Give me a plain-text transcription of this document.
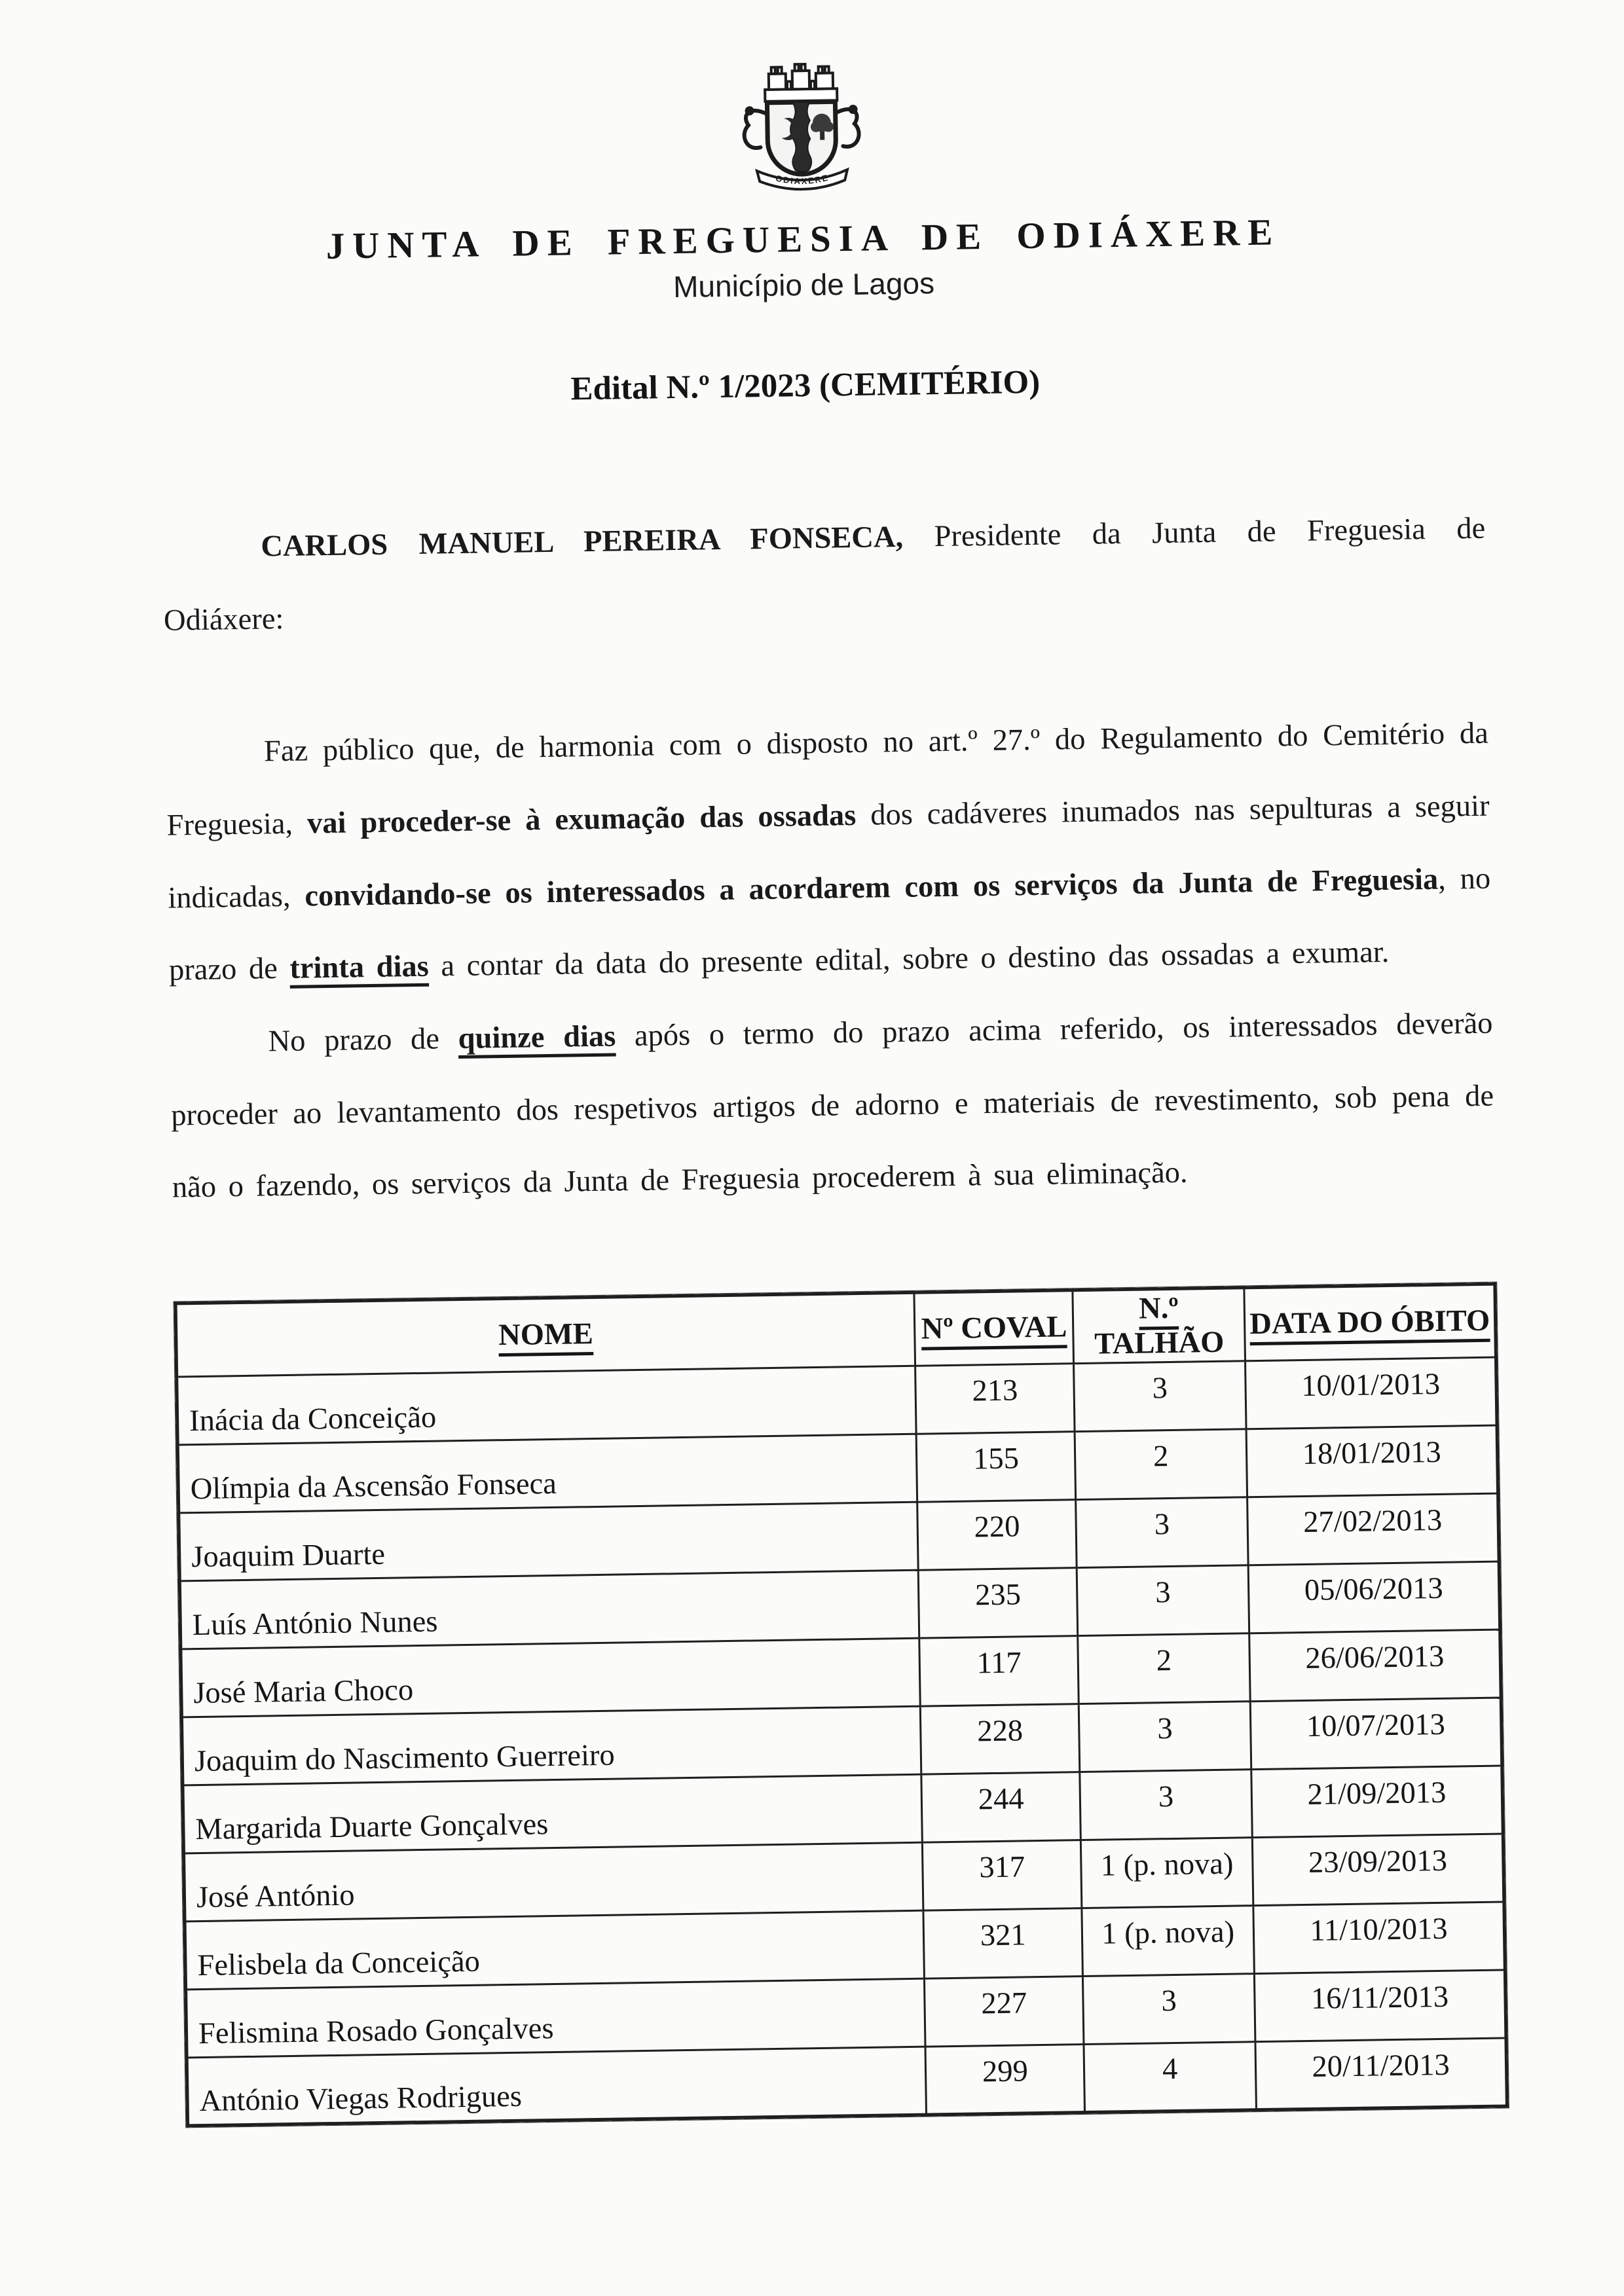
ODIAXERE
JUNTA DE FREGUESIA DE ODIÁXERE
Município de Lagos
Edital N.º 1/2023 (CEMITÉRIO)

CARLOS MANUEL PEREIRA FONSECA, Presidente da Junta de Freguesia de Odiáxere:

Faz público que, de harmonia com o disposto no art.º 27.º do Regulamento do Cemitério da Freguesia, vai proceder-se à exumação das ossadas dos cadáveres inumados nas sepulturas a seguir indicadas, convidando-se os interessados a acordarem com os serviços da Junta de Freguesia, no prazo de trinta dias a contar da data do presente edital, sobre o destino das ossadas a exumar.

No prazo de quinze dias após o termo do prazo acima referido, os interessados deverão proceder ao levantamento dos respetivos artigos de adorno e materiais de revestimento, sob pena de não o fazendo, os serviços da Junta de Freguesia procederem à sua eliminação.

NOME	Nº COVAL	N.º TALHÃO	DATA DO ÓBITO
Inácia da Conceição	213	3	10/01/2013
Olímpia da Ascensão Fonseca	155	2	18/01/2013
Joaquim Duarte	220	3	27/02/2013
Luís António Nunes	235	3	05/06/2013
José Maria Choco	117	2	26/06/2013
Joaquim do Nascimento Guerreiro	228	3	10/07/2013
Margarida Duarte Gonçalves	244	3	21/09/2013
José António	317	1 (p. nova)	23/09/2013
Felisbela da Conceição	321	1 (p. nova)	11/10/2013
Felismina Rosado Gonçalves	227	3	16/11/2013
António Viegas Rodrigues	299	4	20/11/2013
